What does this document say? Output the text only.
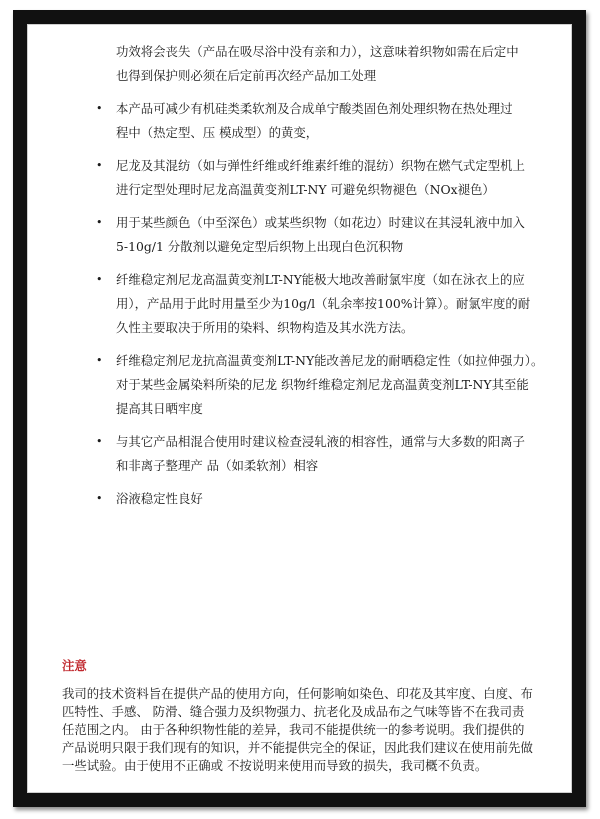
功效将会丧失（产品在吸尽浴中没有亲和力），这意味着织物如需在后定中
也得到保护则必须在后定前再次经产品加工处理
• 本产品可减少有机硅类柔软剂及合成单宁酸类固色剂处理织物在热处理过
程中（热定型、压 模成型）的黄变，
• 尼龙及其混纺（如与弹性纤维或纤维素纤维的混纺）织物在燃气式定型机上
进行定型处理时尼龙高温黄变剂LT-NY 可避免织物褪色（NOx褪色）
• 用于某些颜色（中至深色）或某些织物（如花边）时建议在其浸轧液中加入
5-10g/1 分散剂以避免定型后织物上出现白色沉积物
• 纤维稳定剂尼龙高温黄变剂LT-NY能极大地改善耐氯牢度（如在泳衣上的应
用），产品用于此时用量至少为10g/l（轧余率按100%计算）。耐氯牢度的耐
久性主要取决于所用的染料、织物构造及其水洗方法。
• 纤维稳定剂尼龙抗高温黄变剂LT-NY能改善尼龙的耐晒稳定性（如拉伸强力）。
对于某些金属染料所染的尼龙 织物纤维稳定剂尼龙高温黄变剂LT-NY其至能
提高其日晒牢度
• 与其它产品相混合使用时建议检查浸轧液的相容性，通常与大多数的阳离子
和非离子整理产 品（如柔软剂）相容
• 浴液稳定性良好
注意
我司的技术资料旨在提供产品的使用方向，任何影响如染色、印花及其牢度、白度、布
匹特性、手感、 防滑、缝合强力及织物强力、抗老化及成品布之气味等皆不在我司责
任范围之内。 由于各种织物性能的差异，我司不能提供统一的参考说明。我们提供的
产品说明只限于我们现有的知识，并不能提供完全的保证，因此我们建议在使用前先做
一些试验。由于使用不正确或 不按说明来使用而导致的损失，我司概不负责。
